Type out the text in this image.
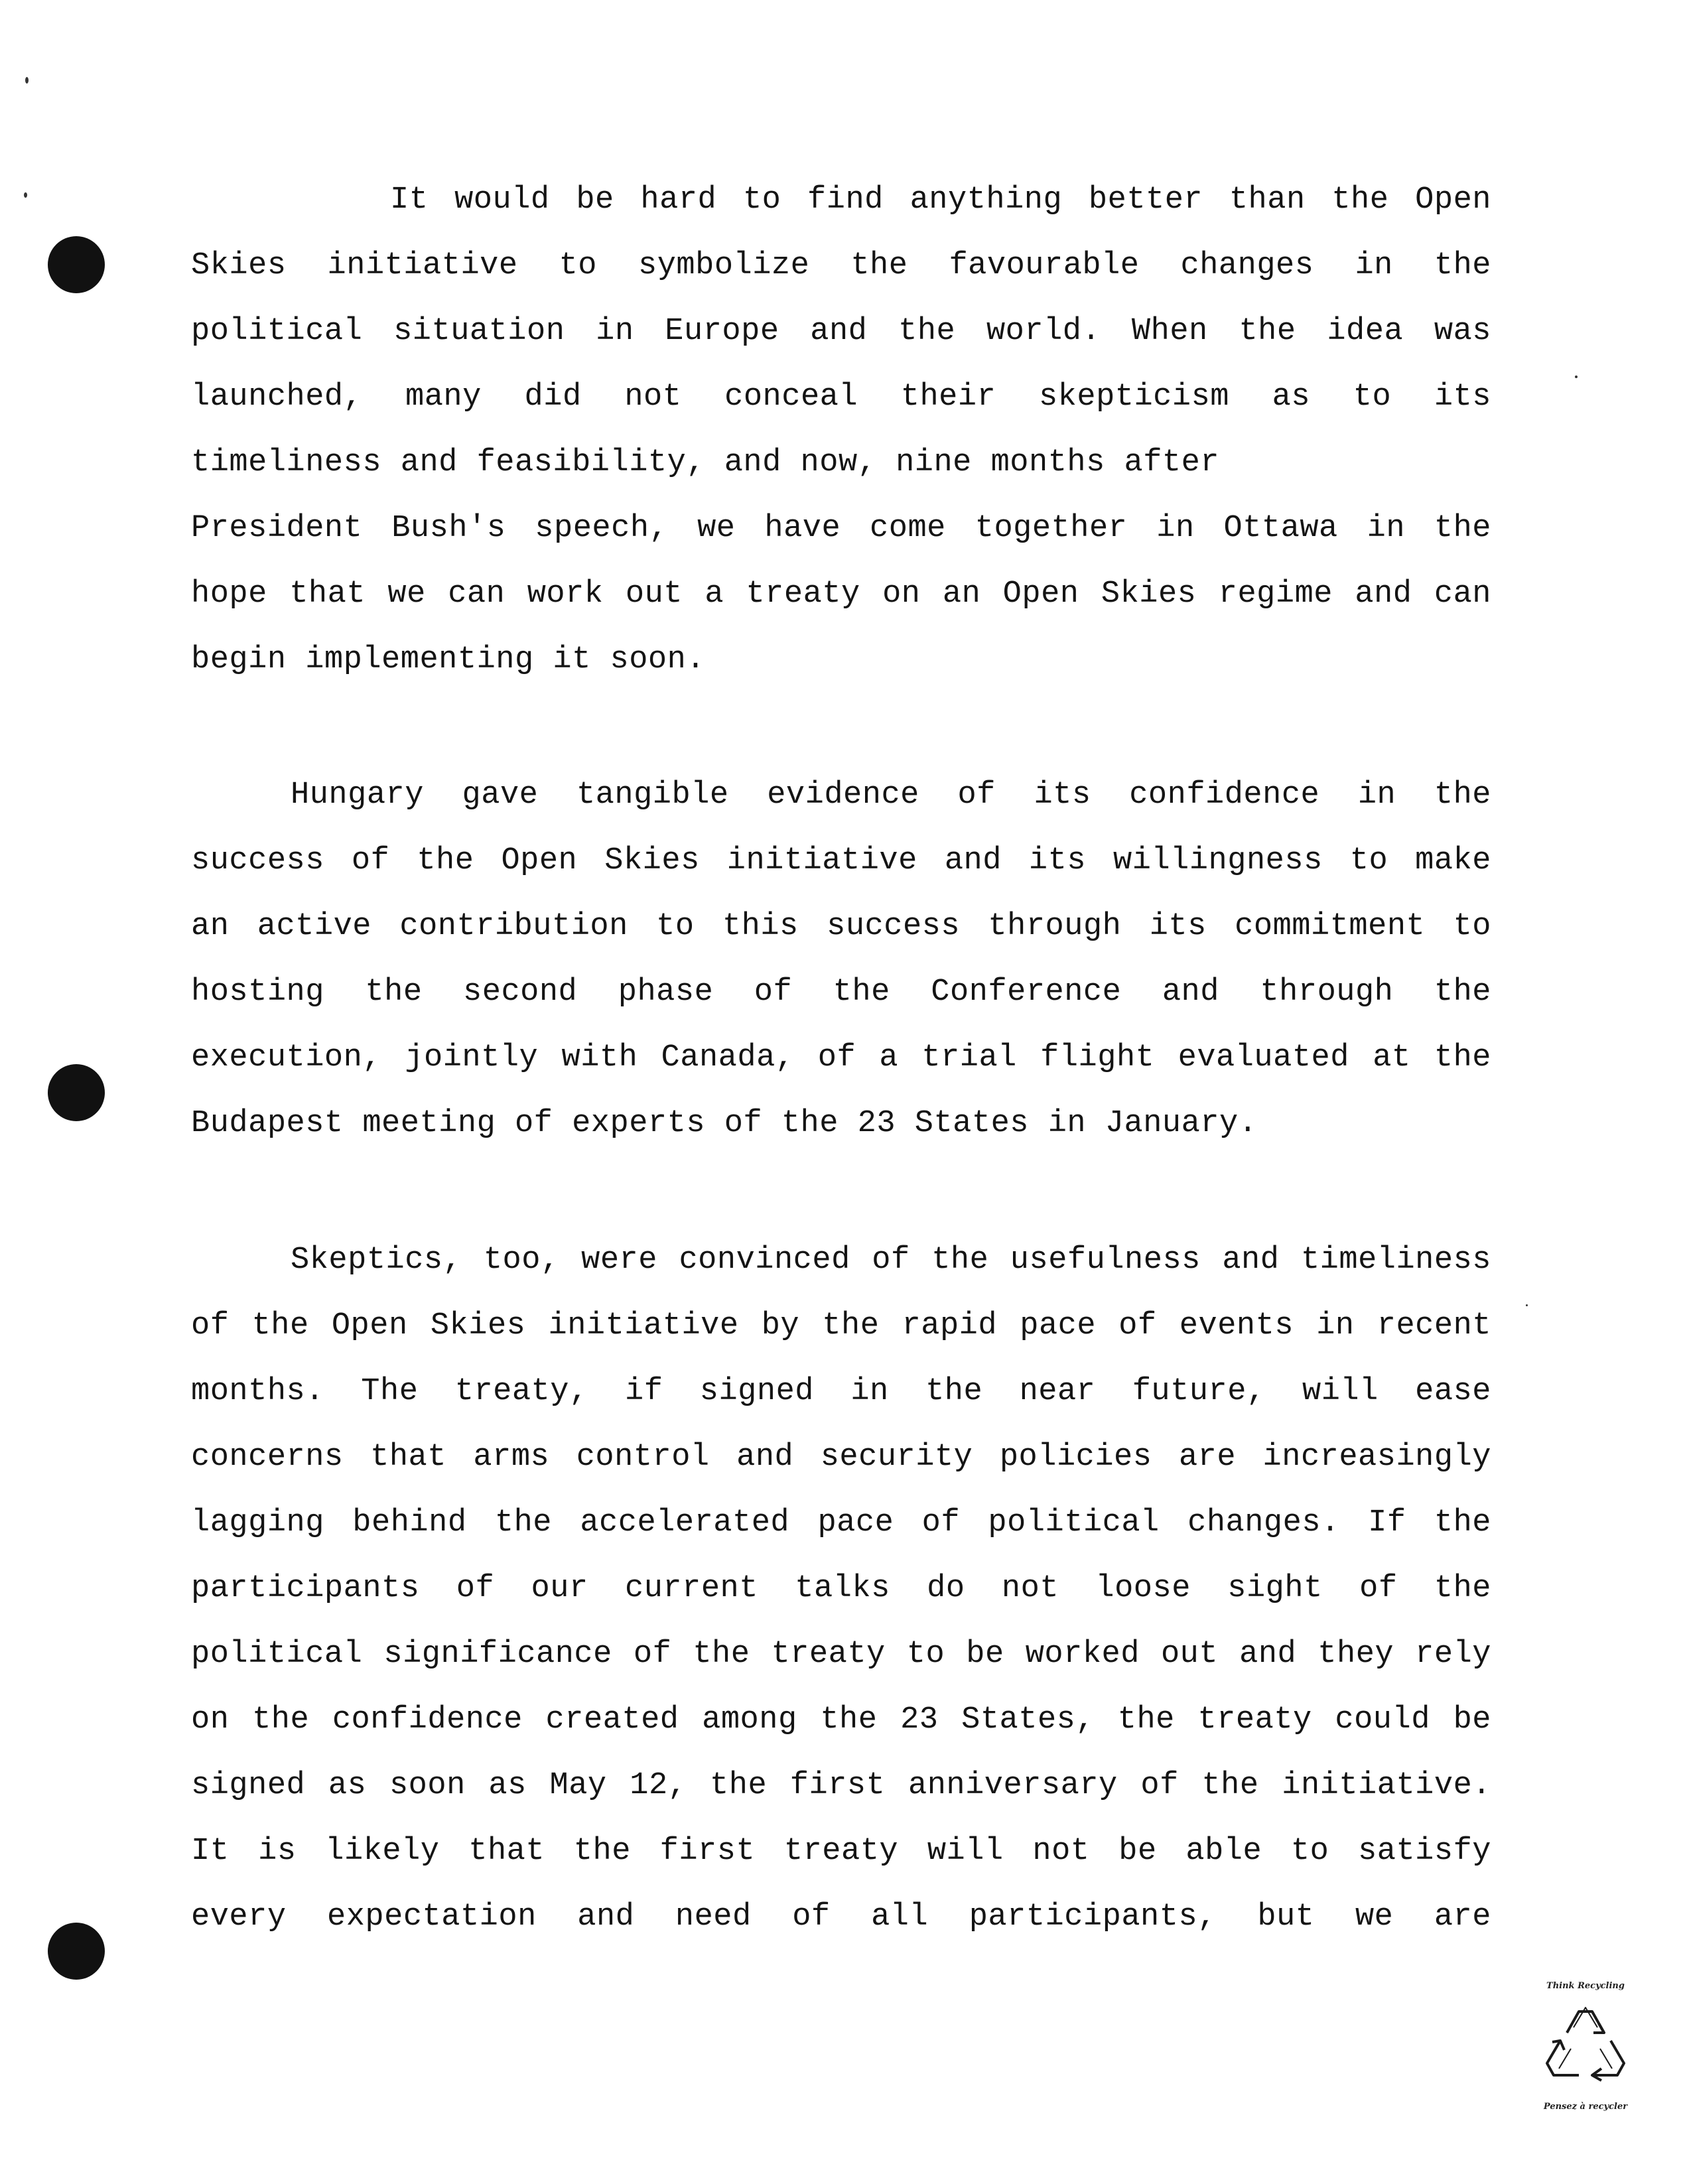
It would be hard to find anything better than the Open
Skies initiative to symbolize the favourable changes in the
political situation in Europe and the world. When the idea was
launched, many did not conceal their skepticism as to its
timeliness and feasibility, and now, nine months after
President Bush's speech, we have come together in Ottawa in the
hope that we can work out a treaty on an Open Skies regime and can
begin implementing it soon.

Hungary gave tangible evidence of its confidence in the
success of the Open Skies initiative and its willingness to make
an active contribution to this success through its commitment to
hosting the second phase of the Conference and through the
execution, jointly with Canada, of a trial flight evaluated at the
Budapest meeting of experts of the 23 States in January.

Skeptics, too, were convinced of the usefulness and timeliness
of the Open Skies initiative by the rapid pace of events in recent
months. The treaty, if signed in the near future, will ease
concerns that arms control and security policies are increasingly
lagging behind the accelerated pace of political changes. If the
participants of our current talks do not loose sight of the
political significance of the treaty to be worked out and they rely
on the confidence created among the 23 States, the treaty could be
signed as soon as May 12, the first anniversary of the initiative.
It is likely that the first treaty will not be able to satisfy
every expectation and need of all participants, but we are

Think Recycling
Pensez à recycler
